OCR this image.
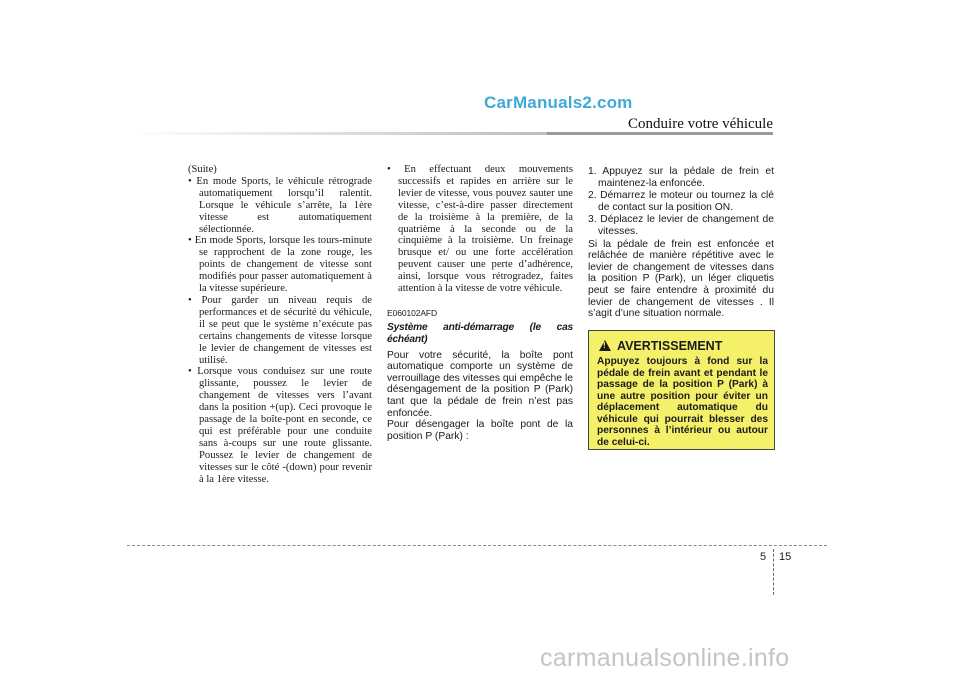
CarManuals2.com
Conduire votre véhicule

(Suite)

• En mode Sports, le véhicule rétrograde automatiquement lorsqu’il ralentit. Lorsque le véhicule s’arrête, la 1ère vitesse est automatiquement sélectionnée.

• En mode Sports, lorsque les tours-minute se rapprochent de la zone rouge, les points de changement de vitesse sont modifiés pour passer automatiquement à la vitesse supérieure.

• Pour garder un niveau requis de performances et de sécurité du véhicule, il se peut que le système n’exécute pas certains changements de vitesse lorsque le levier de changement de vitesses est utilisé.

• Lorsque vous conduisez sur une route glissante, poussez le levier de changement de vitesses vers l’avant dans la position +(up). Ceci provoque le passage de la boîte-pont en seconde, ce qui est préférable pour une conduite sans à-coups sur une route glissante. Poussez le levier de changement de vitesses sur le côté -(down) pour revenir à la 1ère vitesse.

• En effectuant deux mouvements successifs et rapides en arrière sur le levier de vitesse, vous pouvez sauter une vitesse, c’est-à-dire passer directement de la troisième à la première, de la quatrième à la seconde ou de la cinquième à la troisième. Un freinage brusque et/ ou une forte accélération peuvent causer une perte d’adhérence, ainsi, lorsque vous rétrogradez, faites attention à la vitesse de votre véhicule.

E060102AFD
Système anti-démarrage (le cas échéant)

Pour votre sécurité, la boîte pont automatique comporte un système de verrouillage des vitesses qui empêche le désengagement de la position P (Park) tant que la pédale de frein n’est pas enfoncée.

Pour désengager la boîte pont de la position P (Park) :

1. Appuyez sur la pédale de frein et maintenez-la enfoncée.

2. Démarrez le moteur ou tournez la clé de contact sur la position ON.

3. Déplacez le levier de changement de vitesses.

Si la pédale de frein est enfoncée et relâchée de manière répétitive avec le levier de changement de vitesses dans la position P (Park), un léger cliquetis peut se faire entendre à proximité du levier de changement de vitesses . Il s’agit d’une situation normale.

!AVERTISSEMENT
Appuyez toujours à fond sur la pédale de frein avant et pendant le passage de la position P (Park) à une autre position pour éviter un déplacement automatique du véhicule qui pourrait blesser des personnes à l’intérieur ou autour de celui-ci.
5 15
carmanualsonline.info
